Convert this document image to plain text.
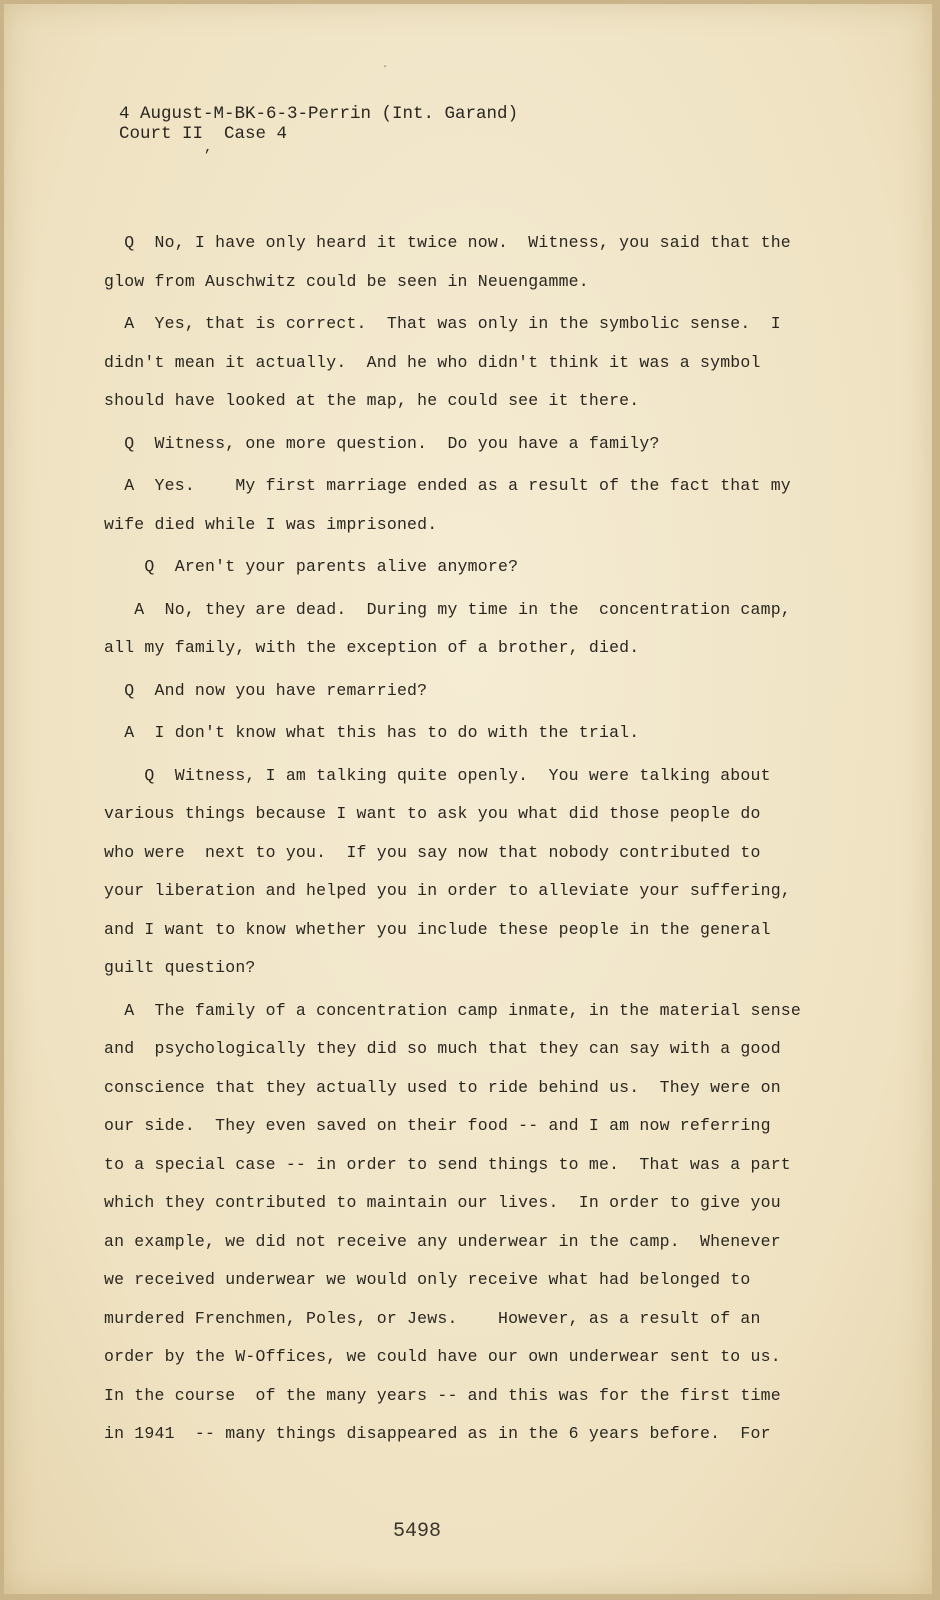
4 August-M-BK-6-3-Perrin (Int. Garand)
Court II  Case 4
,
·
Q  No, I have only heard it twice now.  Witness, you said that the
glow from Auschwitz could be seen in Neuengamme.
A  Yes, that is correct.  That was only in the symbolic sense.  I
didn't mean it actually.  And he who didn't think it was a symbol
should have looked at the map, he could see it there.
Q  Witness, one more question.  Do you have a family?
A  Yes.    My first marriage ended as a result of the fact that my
wife died while I was imprisoned.
Q  Aren't your parents alive anymore?
A  No, they are dead.  During my time in the  concentration camp,
all my family, with the exception of a brother, died.
Q  And now you have remarried?
A  I don't know what this has to do with the trial.
Q  Witness, I am talking quite openly.  You were talking about
various things because I want to ask you what did those people do
who were  next to you.  If you say now that nobody contributed to
your liberation and helped you in order to alleviate your suffering,
and I want to know whether you include these people in the general
guilt question?
A  The family of a concentration camp inmate, in the material sense
and  psychologically they did so much that they can say with a good
conscience that they actually used to ride behind us.  They were on
our side.  They even saved on their food -- and I am now referring
to a special case -- in order to send things to me.  That was a part
which they contributed to maintain our lives.  In order to give you
an example, we did not receive any underwear in the camp.  Whenever
we received underwear we would only receive what had belonged to
murdered Frenchmen, Poles, or Jews.    However, as a result of an
order by the W-Offices, we could have our own underwear sent to us.
In the course  of the many years -- and this was for the first time
in 1941  -- many things disappeared as in the 6 years before.  For
5498
